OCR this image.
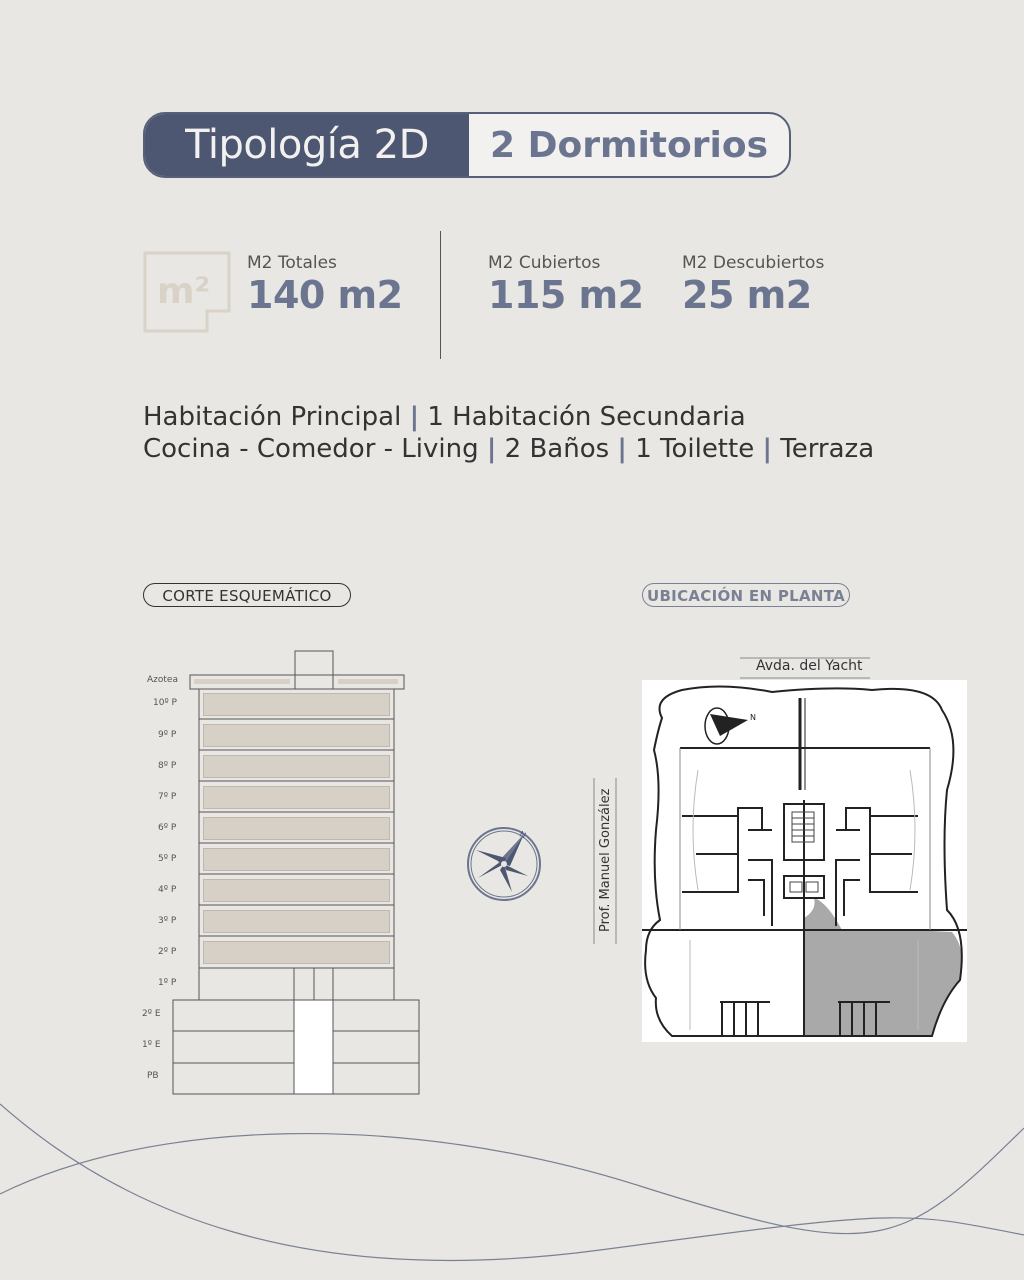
Tipología 2D	2 Dormitorios
m²
M2 Totales
140 m2
M2 Cubiertos
115 m2
M2 Descubiertos
25 m2
Habitación Principal | 1 Habitación Secundaria
Cocina - Comedor - Living | 2 Baños | 1 Toilette | Terraza
CORTE ESQUEMÁTICO	UBICACIÓN EN PLANTA
Azotea
10º P
9º P
8º P
7º P
6º P
5º P
4º P
3º P
2º P
1º P
2º E
1º E
PB
N
Avda. del Yacht
Prof. Manuel González
N
